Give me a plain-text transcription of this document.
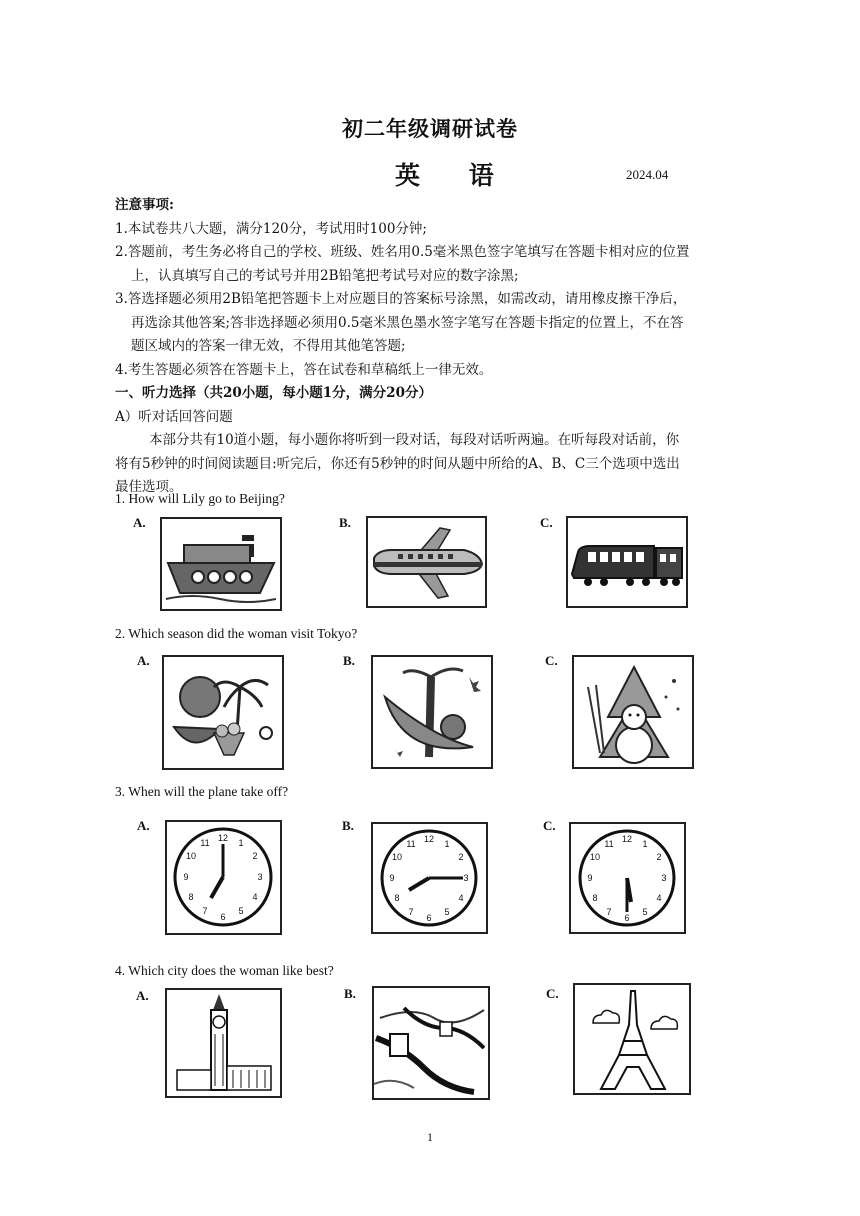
初二年级调研试卷
英 语	2024.04

注意事项:

1.本试卷共八大题，满分120分，考试用时100分钟;

2.答题前，考生务必将自己的学校、班级、姓名用0.5毫米黑色签字笔填写在答题卡相对应的位置

上，认真填写自己的考试号并用2B铅笔把考试号对应的数字涂黑;

3.答选择题必须用2B铅笔把答题卡上对应题目的答案标号涂黑，如需改动，请用橡皮擦干净后，

再选涂其他答案;答非选择题必须用0.5毫米黑色墨水签字笔写在答题卡指定的位置上，不在答

题区域内的答案一律无效，不得用其他笔答题;

4.考生答题必须答在答题卡上，答在试卷和草稿纸上一律无效。

一、听力选择（共20小题，每小题1分，满分20分）

A）听对话回答问题

本部分共有10道小题，每小题你将听到一段对话，每段对话听两遍。在听每段对话前，你

将有5秒钟的时间阅读题目:听完后，你还有5秒钟的时间从题中所给的A、B、C三个选项中选出

最佳选项。

1. How will Lily go to Beijing?
A.	B.	C.
2. Which season did the woman visit Tokyo?
A.	B.	C.
3. When will the plane take off?
A.	B.	C.
12 1
2
3
4
5
6
7
8
9
10
11	12 1
2
3
4
5
6
7
8
9
10
11	12 1
2
3
4
5
6
7
8
9
10
11
4. Which city does the woman like best?
A.	B.	C.
1
